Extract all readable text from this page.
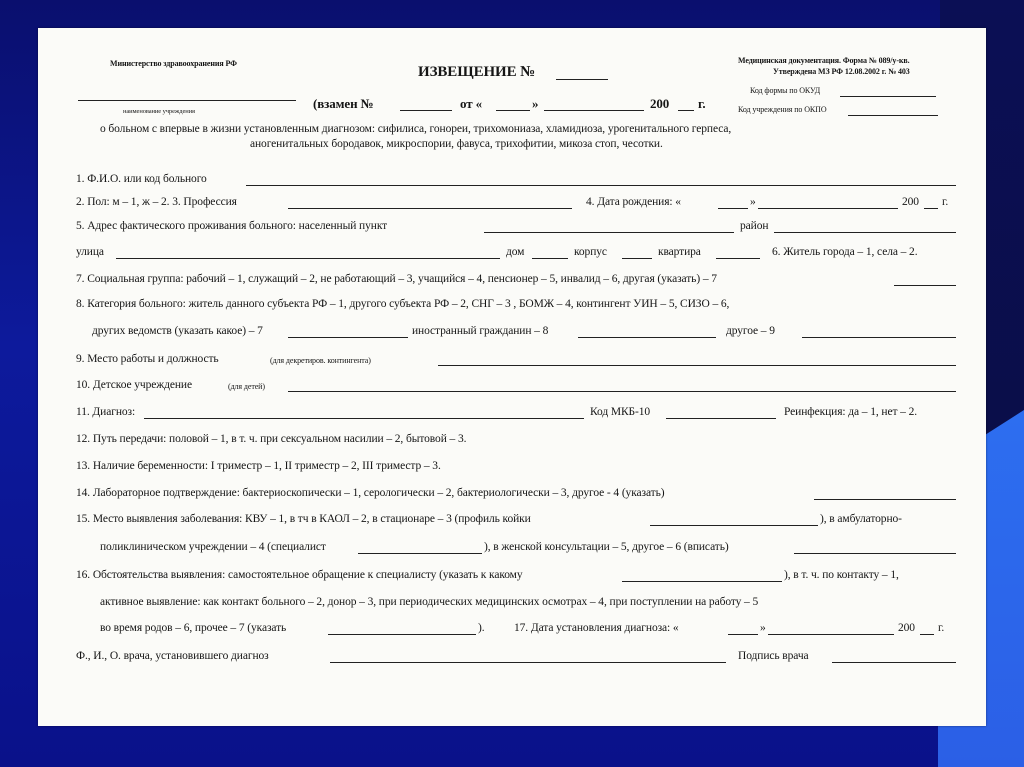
Министерство здравоохранения РФ
наименование учреждения
ИЗВЕЩЕНИЕ №
(взамен №	от «	»	200 г.
Медицинская документация. Форма № 089/у-кв.
Утверждена МЗ РФ 12.08.2002 г. № 403
Код формы по ОКУД
Код учреждения по ОКПО
о больном с впервые в жизни установленным диагнозом: сифилиса, гонореи, трихомониаза, хламидиоза, урогенитального герпеса,
аногенитальных бородавок, микроспории, фавуса, трихофитии, микоза стоп, чесотки.
1. Ф.И.О. или код больного
2. Пол: м – 1, ж – 2. 3. Профессия	4. Дата рождения: «	»	200 г.
5. Адрес фактического проживания больного: населенный пункт	район
улица	дом	корпус	квартира	6. Житель города – 1, села – 2.
7. Социальная группа: рабочий – 1, служащий – 2, не работающий – 3, учащийся – 4, пенсионер – 5, инвалид – 6, другая (указать) – 7
8. Категория больного: житель данного субъекта РФ – 1, другого субъекта РФ – 2, СНГ – 3 , БОМЖ – 4, контингент УИН – 5, СИЗО – 6,
других ведомств (указать какое) – 7	иностранный гражданин – 8	другое – 9
9. Место работы и должность	(для декретиров. контингента)
10. Детское учреждение	(для детей)
11. Диагноз:	Код МКБ-10	Реинфекция: да – 1, нет – 2.
12. Путь передачи: половой – 1, в т. ч. при сексуальном насилии – 2, бытовой – 3.
13. Наличие беременности: I триместр – 1, II триместр – 2, III триместр – 3.
14. Лабораторное подтверждение: бактериоскопически – 1, серологически – 2, бактериологически – 3, другое - 4 (указать)
15. Место выявления заболевания: КВУ – 1, в тч в КАОЛ – 2, в стационаре – 3 (профиль койки	), в амбулаторно-
поликлиническом учреждении – 4 (специалист	), в женской консультации – 5, другое – 6 (вписать)
16. Обстоятельства выявления: самостоятельное обращение к специалисту (указать к какому	), в т. ч. по контакту – 1,
активное выявление: как контакт больного – 2, донор – 3, при периодических медицинских осмотрах – 4, при поступлении на работу – 5
во время родов – 6, прочее – 7 (указать	).	17. Дата установления диагноза: «	»	200 г.
Ф., И., О. врача, установившего диагноз	Подпись врача
